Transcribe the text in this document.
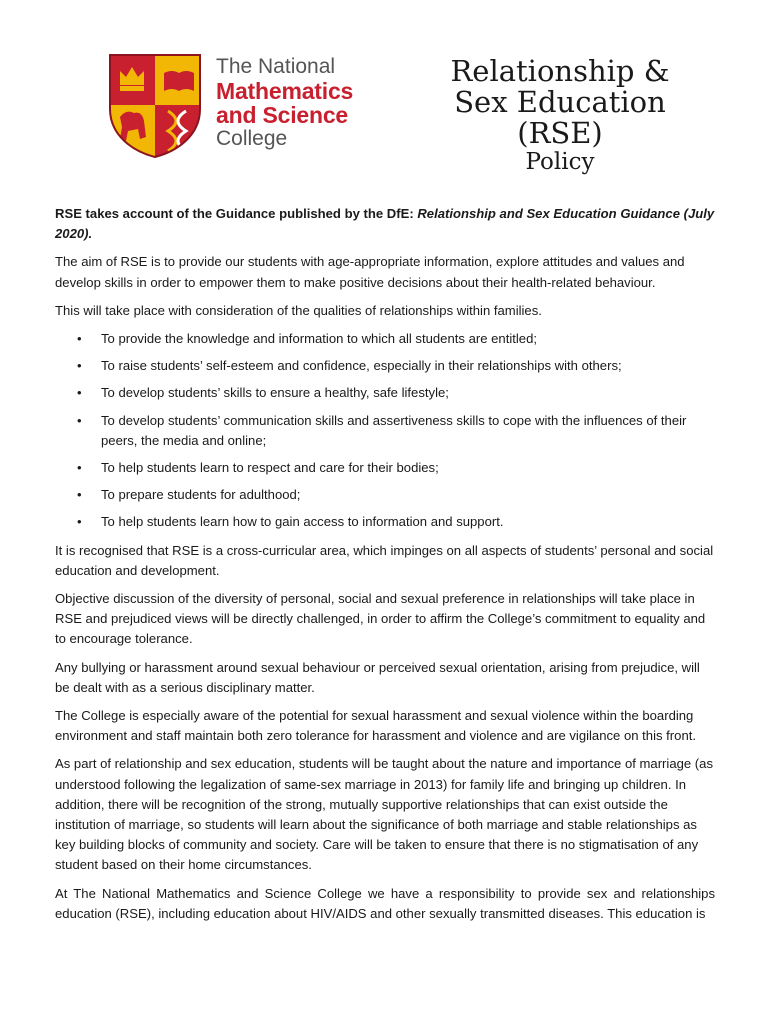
The National
Mathematics
and Science
College
Relationship &
Sex Education
(RSE)
Policy

RSE takes account of the Guidance published by the DfE: Relationship and Sex Education Guidance (July 2020).

The aim of RSE is to provide our students with age-appropriate information, explore attitudes and values and develop skills in order to empower them to make positive decisions about their health-related behaviour.

This will take place with consideration of the qualities of relationships within families.

• To provide the knowledge and information to which all students are entitled;
• To raise students’ self-esteem and confidence, especially in their relationships with others;
• To develop students’ skills to ensure a healthy, safe lifestyle;
• To develop students’ communication skills and assertiveness skills to cope with the influences of their peers, the media and online;
• To help students learn to respect and care for their bodies;
• To prepare students for adulthood;
• To help students learn how to gain access to information and support.

It is recognised that RSE is a cross-curricular area, which impinges on all aspects of students’ personal and social education and development.

Objective discussion of the diversity of personal, social and sexual preference in relationships will take place in RSE and prejudiced views will be directly challenged, in order to affirm the College’s commitment to equality and to encourage tolerance.

Any bullying or harassment around sexual behaviour or perceived sexual orientation, arising from prejudice, will be dealt with as a serious disciplinary matter.

The College is especially aware of the potential for sexual harassment and sexual violence within the boarding environment and staff maintain both zero tolerance for harassment and violence and are vigilance on this front.

As part of relationship and sex education, students will be taught about the nature and importance of marriage (as understood following the legalization of same-sex marriage in 2013) for family life and bringing up children. In addition, there will be recognition of the strong, mutually supportive relationships that can exist outside the institution of marriage, so students will learn about the significance of both marriage and stable relationships as key building blocks of community and society. Care will be taken to ensure that there is no stigmatisation of any student based on their home circumstances.

At The National Mathematics and Science College we have a responsibility to provide sex and relationships education (RSE), including education about HIV/AIDS and other sexually transmitted diseases. This education is
